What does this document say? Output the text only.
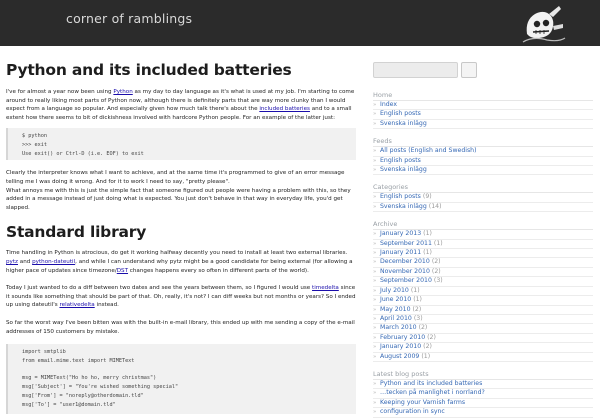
corner of ramblings
Python and its included batteries

I've for almost a year now been using Python as my day to day language as it's what is used at my job. I'm starting to come around to really liking most parts of Python now, although there is definitely parts that are way more clunky than I would expect from a language so popular. And especially given how much talk there's about the included batteries and to a small extent how there seems to bit of dickishness involved with hardcore Python people. For an example of the latter just:

$ python
>>> exit
Use exit() or Ctrl-D (i.e. EOF) to exit

Clearly the interpreter knows what I want to achieve, and at the same time it's programmed to give of an error message telling me I was doing it wrong. And for it to work I need to say, "pretty please".
What annoys me with this is just the simple fact that someone figured out people were having a problem with this, so they added in a message instead of just doing what is expected. You just don't behave in that way in everyday life, you'd get slapped.

Standard library

Time handling in Python is atrocious, do get it working halfway decently you need to install at least two external libraries. pytz and python-dateutil, and while I can understand why pytz might be a good candidate for being external (for allowing a higher pace of updates since timezone/DST changes happens every so often in different parts of the world).

Today I just wanted to do a diff between two dates and see the years between them, so I figured I would use timedelta since it sounds like something that should be part of that. Oh, really, it's not? I can diff weeks but not months or years? So I ended up using dateutil's relativedelta instead.

So far the worst way I've been bitten was with the built-in e-mail library, this ended up with me sending a copy of the e-mail addresses of 150 customers by mistake.

import smtplib
from email.mime.text import MIMEText

msg = MIMEText("Ho ho ho, merry christmas")
msg['Subject'] = "You're wished something special"
msg['From'] = "noreply@otherdomain.tld"
msg['To'] = "user1@domain.tld"
Home
» Index
» English posts
» Svenska inlägg
Feeds
» All posts (English and Swedish)
» English posts
» Svenska inlägg
Categories
» English posts (9)
» Svenska inlägg (14)
Archive
» January 2013 (1)
» September 2011 (1)
» January 2011 (1)
» December 2010 (2)
» November 2010 (2)
» September 2010 (3)
» July 2010 (1)
» June 2010 (1)
» May 2010 (2)
» April 2010 (3)
» March 2010 (2)
» February 2010 (2)
» January 2010 (2)
» August 2009 (1)
Latest blog posts
» Python and its included batteries
» …tecken på manlighet i norrland?
» Keeping your Varnish farms
» configuration in sync
